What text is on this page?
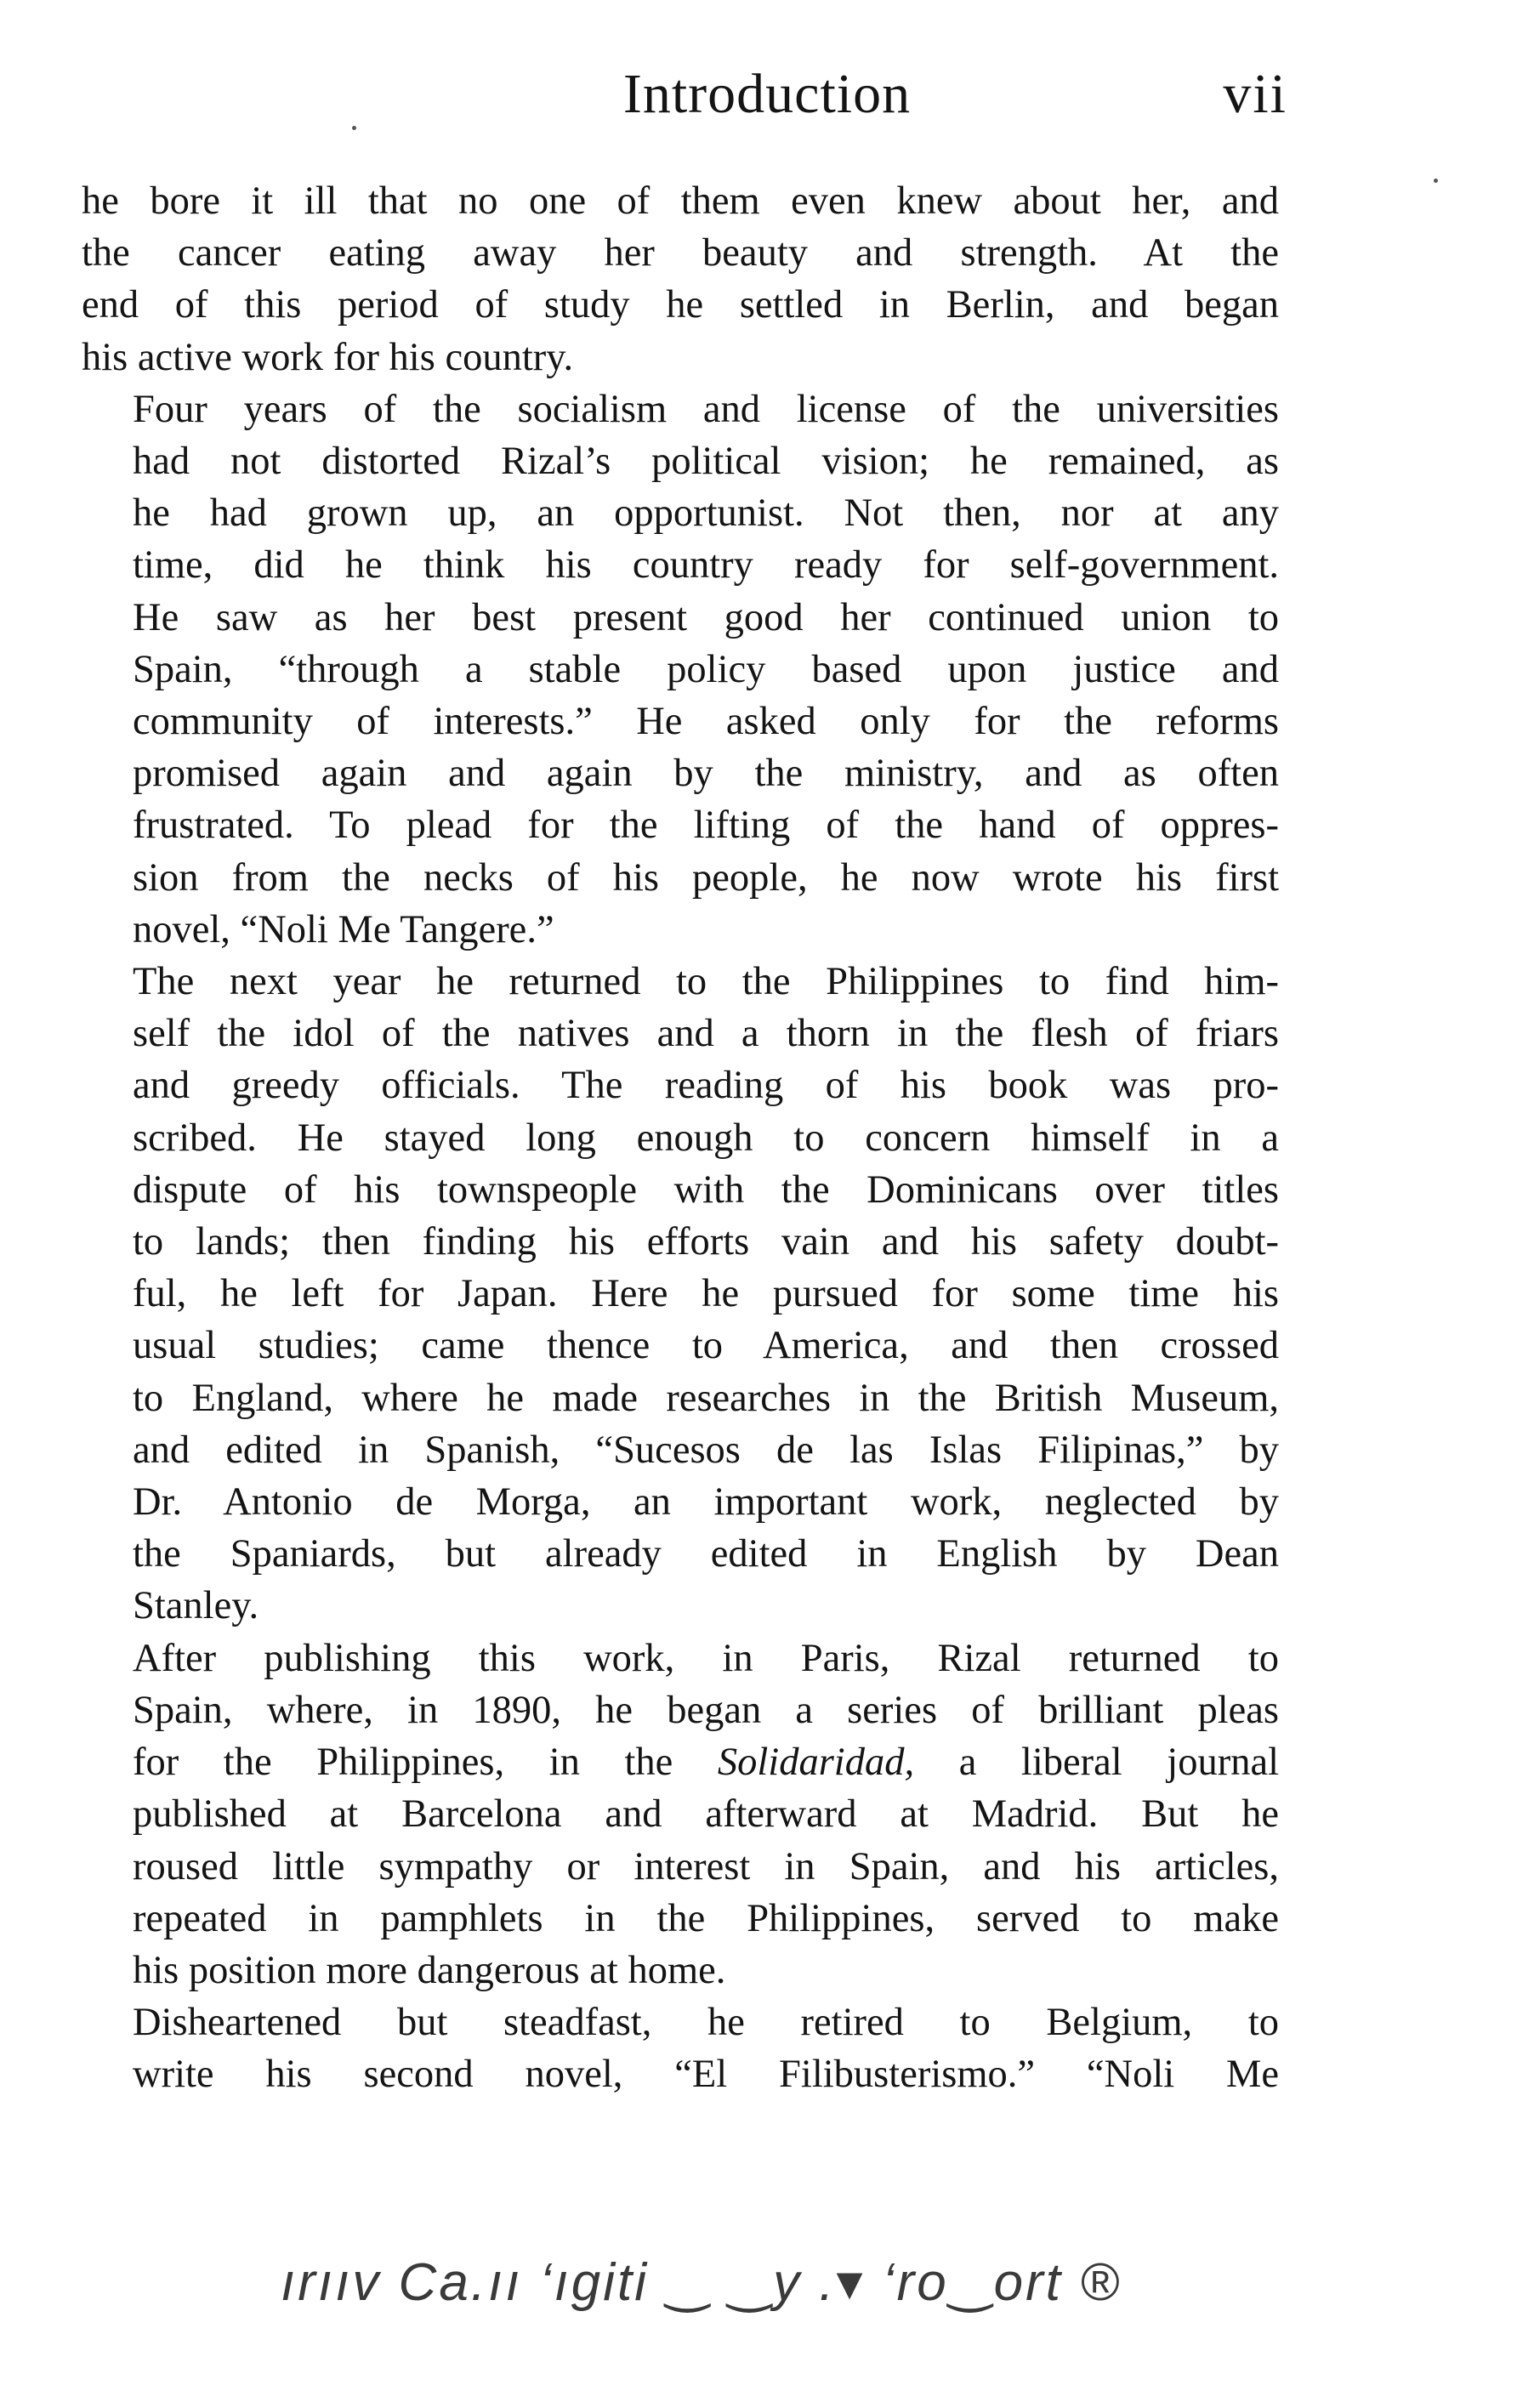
Introduction	vii

he bore it ill that no one of them even knew about her, and
the cancer eating away her beauty and strength. At the
end of this period of study he settled in Berlin, and began
his active work for his country.

Four years of the socialism and license of the universities
had not distorted Rizal’s political vision; he remained, as
he had grown up, an opportunist. Not then, nor at any
time, did he think his country ready for self-government.
He saw as her best present good her continued union to
Spain, “through a stable policy based upon justice and
community of interests.” He asked only for the reforms
promised again and again by the ministry, and as often
frustrated. To plead for the lifting of the hand of oppres-
sion from the necks of his people, he now wrote his first
novel, “Noli Me Tangere.”

The next year he returned to the Philippines to find him-
self the idol of the natives and a thorn in the flesh of friars
and greedy officials. The reading of his book was pro-
scribed. He stayed long enough to concern himself in a
dispute of his townspeople with the Dominicans over titles
to lands; then finding his efforts vain and his safety doubt-
ful, he left for Japan. Here he pursued for some time his
usual studies; came thence to America, and then crossed
to England, where he made researches in the British Museum,
and edited in Spanish, “Sucesos de las Islas Filipinas,” by
Dr. Antonio de Morga, an important work, neglected by
the Spaniards, but already edited in English by Dean
Stanley.

After publishing this work, in Paris, Rizal returned to
Spain, where, in 1890, he began a series of brilliant pleas
for the Philippines, in the Solidaridad, a liberal journal
published at Barcelona and afterward at Madrid. But he
roused little sympathy or interest in Spain, and his articles,
repeated in pamphlets in the Philippines, served to make
his position more dangerous at home.

Disheartened but steadfast, he retired to Belgium, to
write his second novel, “El Filibusterismo.” “Noli Me

ırııv Ca.ıı ‘ıgiti ‿ ‿y .▾ ‘ro‿ort ®
